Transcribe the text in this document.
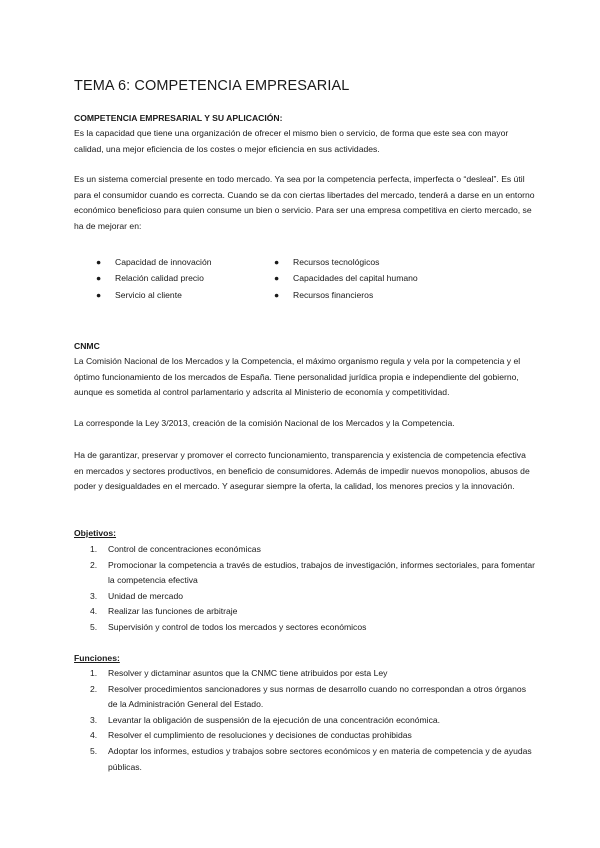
TEMA 6: COMPETENCIA EMPRESARIAL
COMPETENCIA EMPRESARIAL Y SU APLICACIÓN:
Es la capacidad que tiene una organización de ofrecer el mismo bien o servicio, de forma que este sea con mayor calidad, una mejor eficiencia de los costes o mejor eficiencia en sus actividades.
Es un sistema comercial presente en todo mercado. Ya sea por la competencia perfecta, imperfecta o “desleal”. Es útil para el consumidor cuando es correcta. Cuando se da con ciertas libertades del mercado, tenderá a darse en un entorno económico beneficioso para quien consume un bien o servicio. Para ser una empresa competitiva en cierto mercado, se ha de mejorar en:
● Capacidad de innovación
● Relación calidad precio
● Servicio al cliente
● Recursos tecnológicos
● Capacidades del capital humano
● Recursos financieros
CNMC
La Comisión Nacional de los Mercados y la Competencia, el máximo organismo regula y vela por la competencia y el óptimo funcionamiento de los mercados de España. Tiene personalidad jurídica propia e independiente del gobierno, aunque es sometida al control parlamentario y adscrita al Ministerio de economía y competitividad.
La corresponde la Ley 3/2013, creación de la comisión Nacional de los Mercados y la Competencia.
Ha de garantizar, preservar y promover el correcto funcionamiento, transparencia y existencia de competencia efectiva en mercados y sectores productivos, en beneficio de consumidores. Además de impedir nuevos monopolios, abusos de poder y desigualdades en el mercado. Y asegurar siempre la oferta, la calidad, los menores precios y la innovación.
Objetivos:
1. Control de concentraciones económicas
2. Promocionar la competencia a través de estudios, trabajos de investigación, informes sectoriales, para fomentar la competencia efectiva
3. Unidad de mercado
4. Realizar las funciones de arbitraje
5. Supervisión y control de todos los mercados y sectores económicos
Funciones:
1. Resolver y dictaminar asuntos que la CNMC tiene atribuidos por esta Ley
2. Resolver procedimientos sancionadores y sus normas de desarrollo cuando no correspondan a otros órganos de la Administración General del Estado.
3. Levantar la obligación de suspensión de la ejecución de una concentración económica.
4. Resolver el cumplimiento de resoluciones y decisiones de conductas prohibidas
5. Adoptar los informes, estudios y trabajos sobre sectores económicos y en materia de competencia y de ayudas públicas.
